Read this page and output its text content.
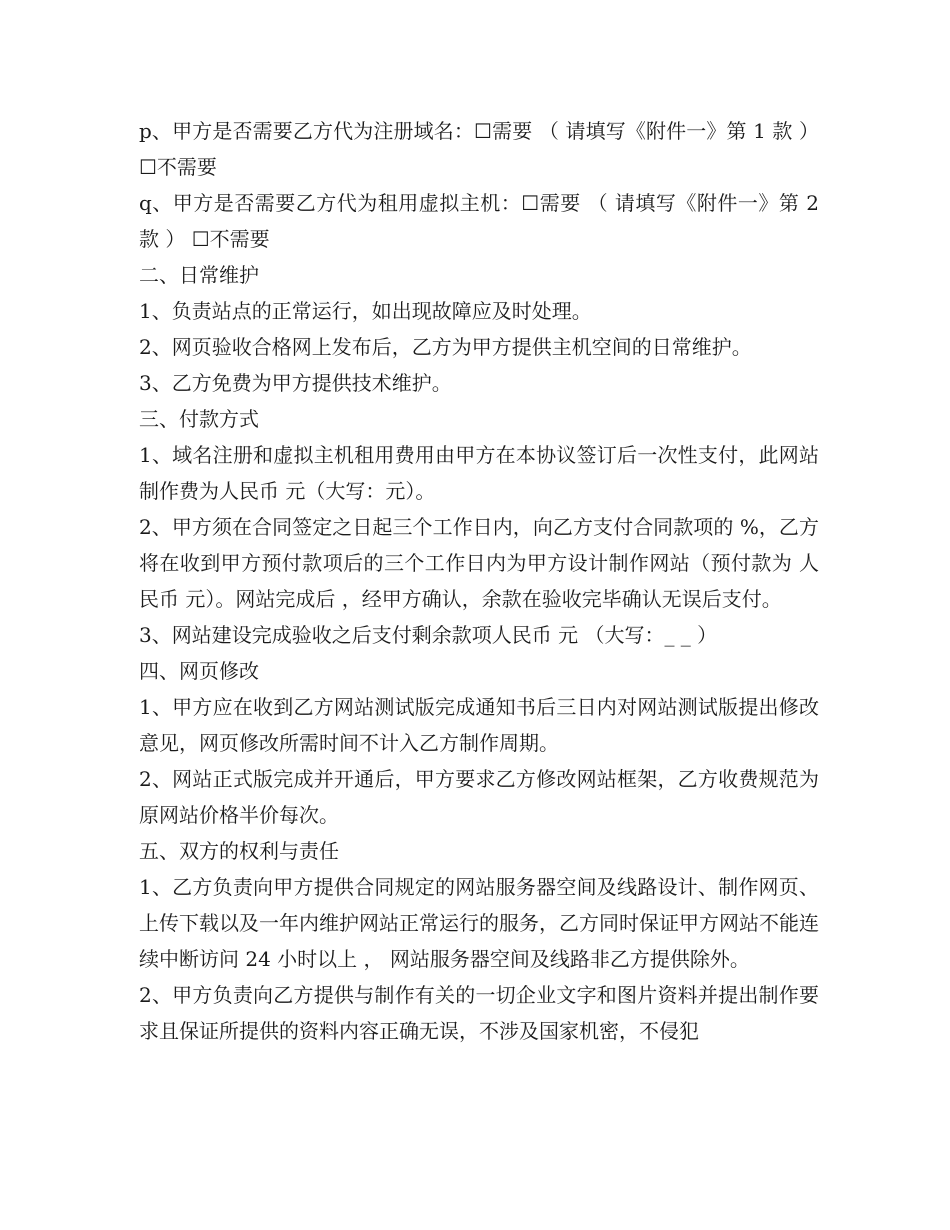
p、甲方是否需要乙方代为注册域名：☐需要 （ 请填写《附件一》第 1 款 ） ☐不需要

q、甲方是否需要乙方代为租用虚拟主机：☐需要 （ 请填写《附件一》第 2 款 ） ☐不需要

二、日常维护

1、负责站点的正常运行，如出现故障应及时处理。

2、网页验收合格网上发布后，乙方为甲方提供主机空间的日常维护。

3、乙方免费为甲方提供技术维护。

三、付款方式

1、域名注册和虚拟主机租用费用由甲方在本协议签订后一次性支付，此网站制作费为人民币 元（大写：元）。

2、甲方须在合同签定之日起三个工作日内，向乙方支付合同款项的 %，乙方将在收到甲方预付款项后的三个工作日内为甲方设计制作网站（预付款为 人民币 元）。网站完成后 ，经甲方确认，余款在验收完毕确认无误后支付。

3、网站建设完成验收之后支付剩余款项人民币 元 （大写：_ _ ）

四、网页修改

1、甲方应在收到乙方网站测试版完成通知书后三日内对网站测试版提出修改意见，网页修改所需时间不计入乙方制作周期。

2、网站正式版完成并开通后，甲方要求乙方修改网站框架，乙方收费规范为原网站价格半价每次。

五、双方的权利与责任

1、乙方负责向甲方提供合同规定的网站服务器空间及线路设计、制作网页、上传下载以及一年内维护网站正常运行的服务，乙方同时保证甲方网站不能连续中断访问 24 小时以上 ， 网站服务器空间及线路非乙方提供除外。

2、甲方负责向乙方提供与制作有关的一切企业文字和图片资料并提出制作要求且保证所提供的资料内容正确无误，不涉及国家机密，不侵犯
